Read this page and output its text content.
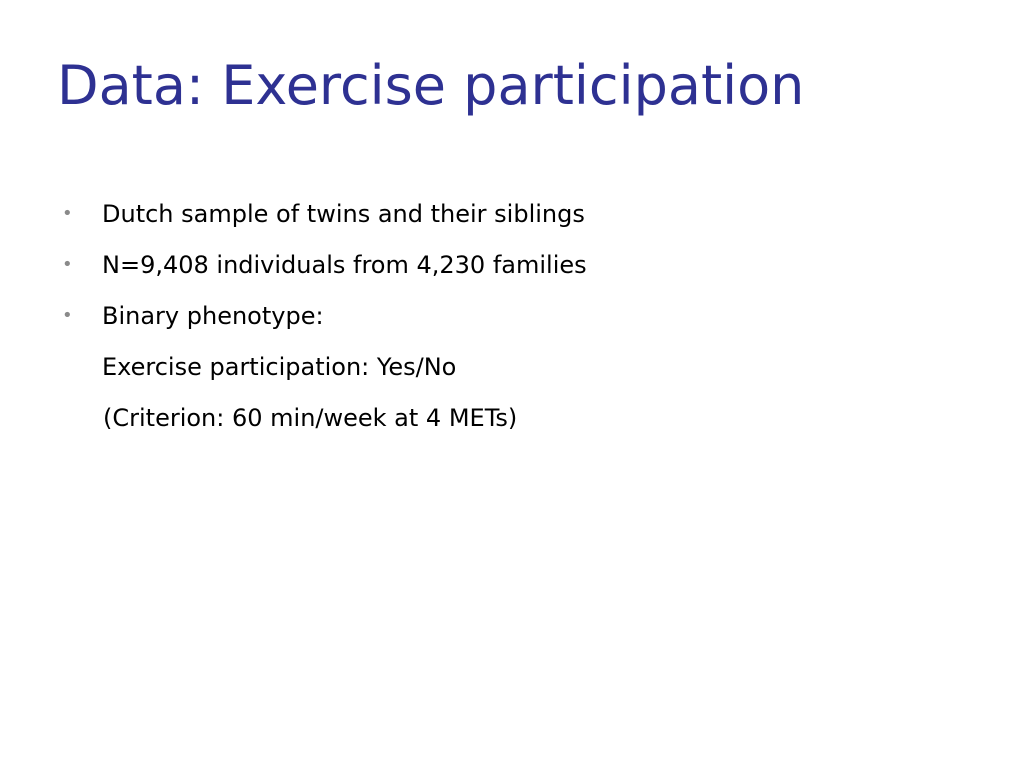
Data: Exercise participation
• Dutch sample of twins and their siblings
• N=9,408 individuals from 4,230 families
• Binary phenotype:
Exercise participation: Yes/No
(Criterion: 60 min/week at 4 METs)
